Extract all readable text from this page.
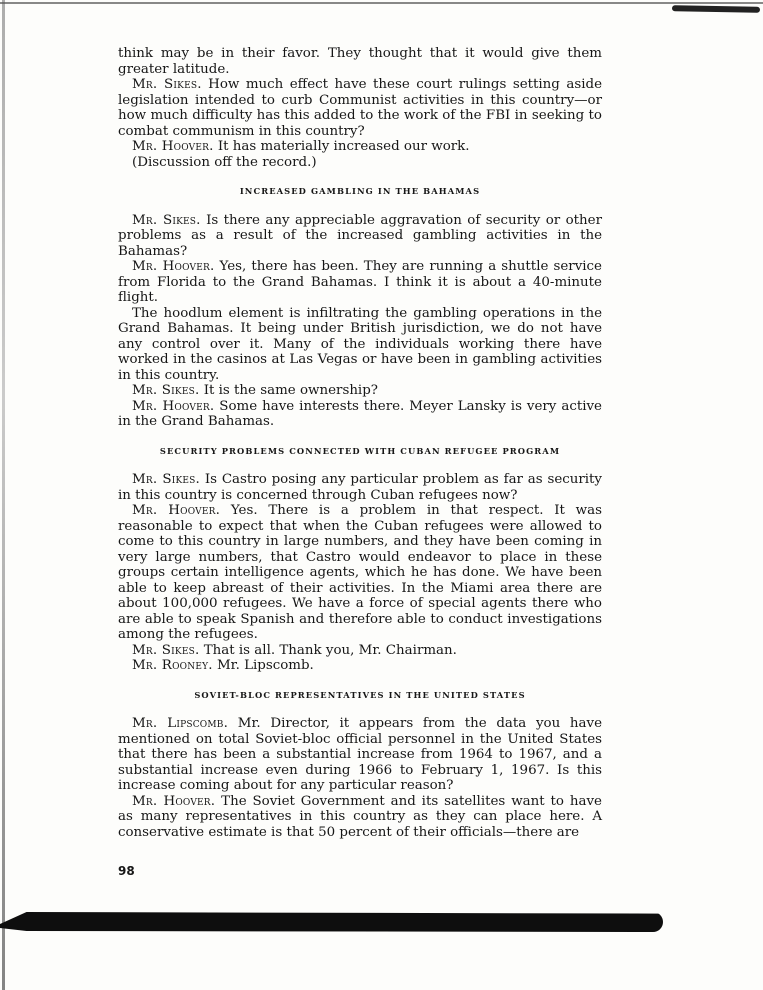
think may be in their favor. They thought that it would give them greater latitude.

Mr. Sikes. How much effect have these court rulings setting aside legislation intended to curb Communist activities in this country—or how much difficulty has this added to the work of the FBI in seeking to combat communism in this country?

Mr. Hoover. It has materially increased our work.

(Discussion off the record.)

INCREASED GAMBLING IN THE BAHAMAS

Mr. Sikes. Is there any appreciable aggravation of security or other problems as a result of the increased gambling activities in the Bahamas?

Mr. Hoover. Yes, there has been. They are running a shuttle service from Florida to the Grand Bahamas. I think it is about a 40-minute flight.

The hoodlum element is infiltrating the gambling operations in the Grand Bahamas. It being under British jurisdiction, we do not have any control over it. Many of the individuals working there have worked in the casinos at Las Vegas or have been in gambling activities in this country.

Mr. Sikes. It is the same ownership?

Mr. Hoover. Some have interests there. Meyer Lansky is very active in the Grand Bahamas.

SECURITY PROBLEMS CONNECTED WITH CUBAN REFUGEE PROGRAM

Mr. Sikes. Is Castro posing any particular problem as far as security in this country is concerned through Cuban refugees now?

Mr. Hoover. Yes. There is a problem in that respect. It was reasonable to expect that when the Cuban refugees were allowed to come to this country in large numbers, and they have been coming in very large numbers, that Castro would endeavor to place in these groups certain intelligence agents, which he has done. We have been able to keep abreast of their activities. In the Miami area there are about 100,000 refugees. We have a force of special agents there who are able to speak Spanish and therefore able to conduct investigations among the refugees.

Mr. Sikes. That is all. Thank you, Mr. Chairman.

Mr. Rooney. Mr. Lipscomb.

SOVIET-BLOC REPRESENTATIVES IN THE UNITED STATES

Mr. Lipscomb. Mr. Director, it appears from the data you have mentioned on total Soviet-bloc official personnel in the United States that there has been a substantial increase from 1964 to 1967, and a substantial increase even during 1966 to February 1, 1967. Is this increase coming about for any particular reason?

Mr. Hoover. The Soviet Government and its satellites want to have as many representatives in this country as they can place here. A conservative estimate is that 50 percent of their officials—there are

98
